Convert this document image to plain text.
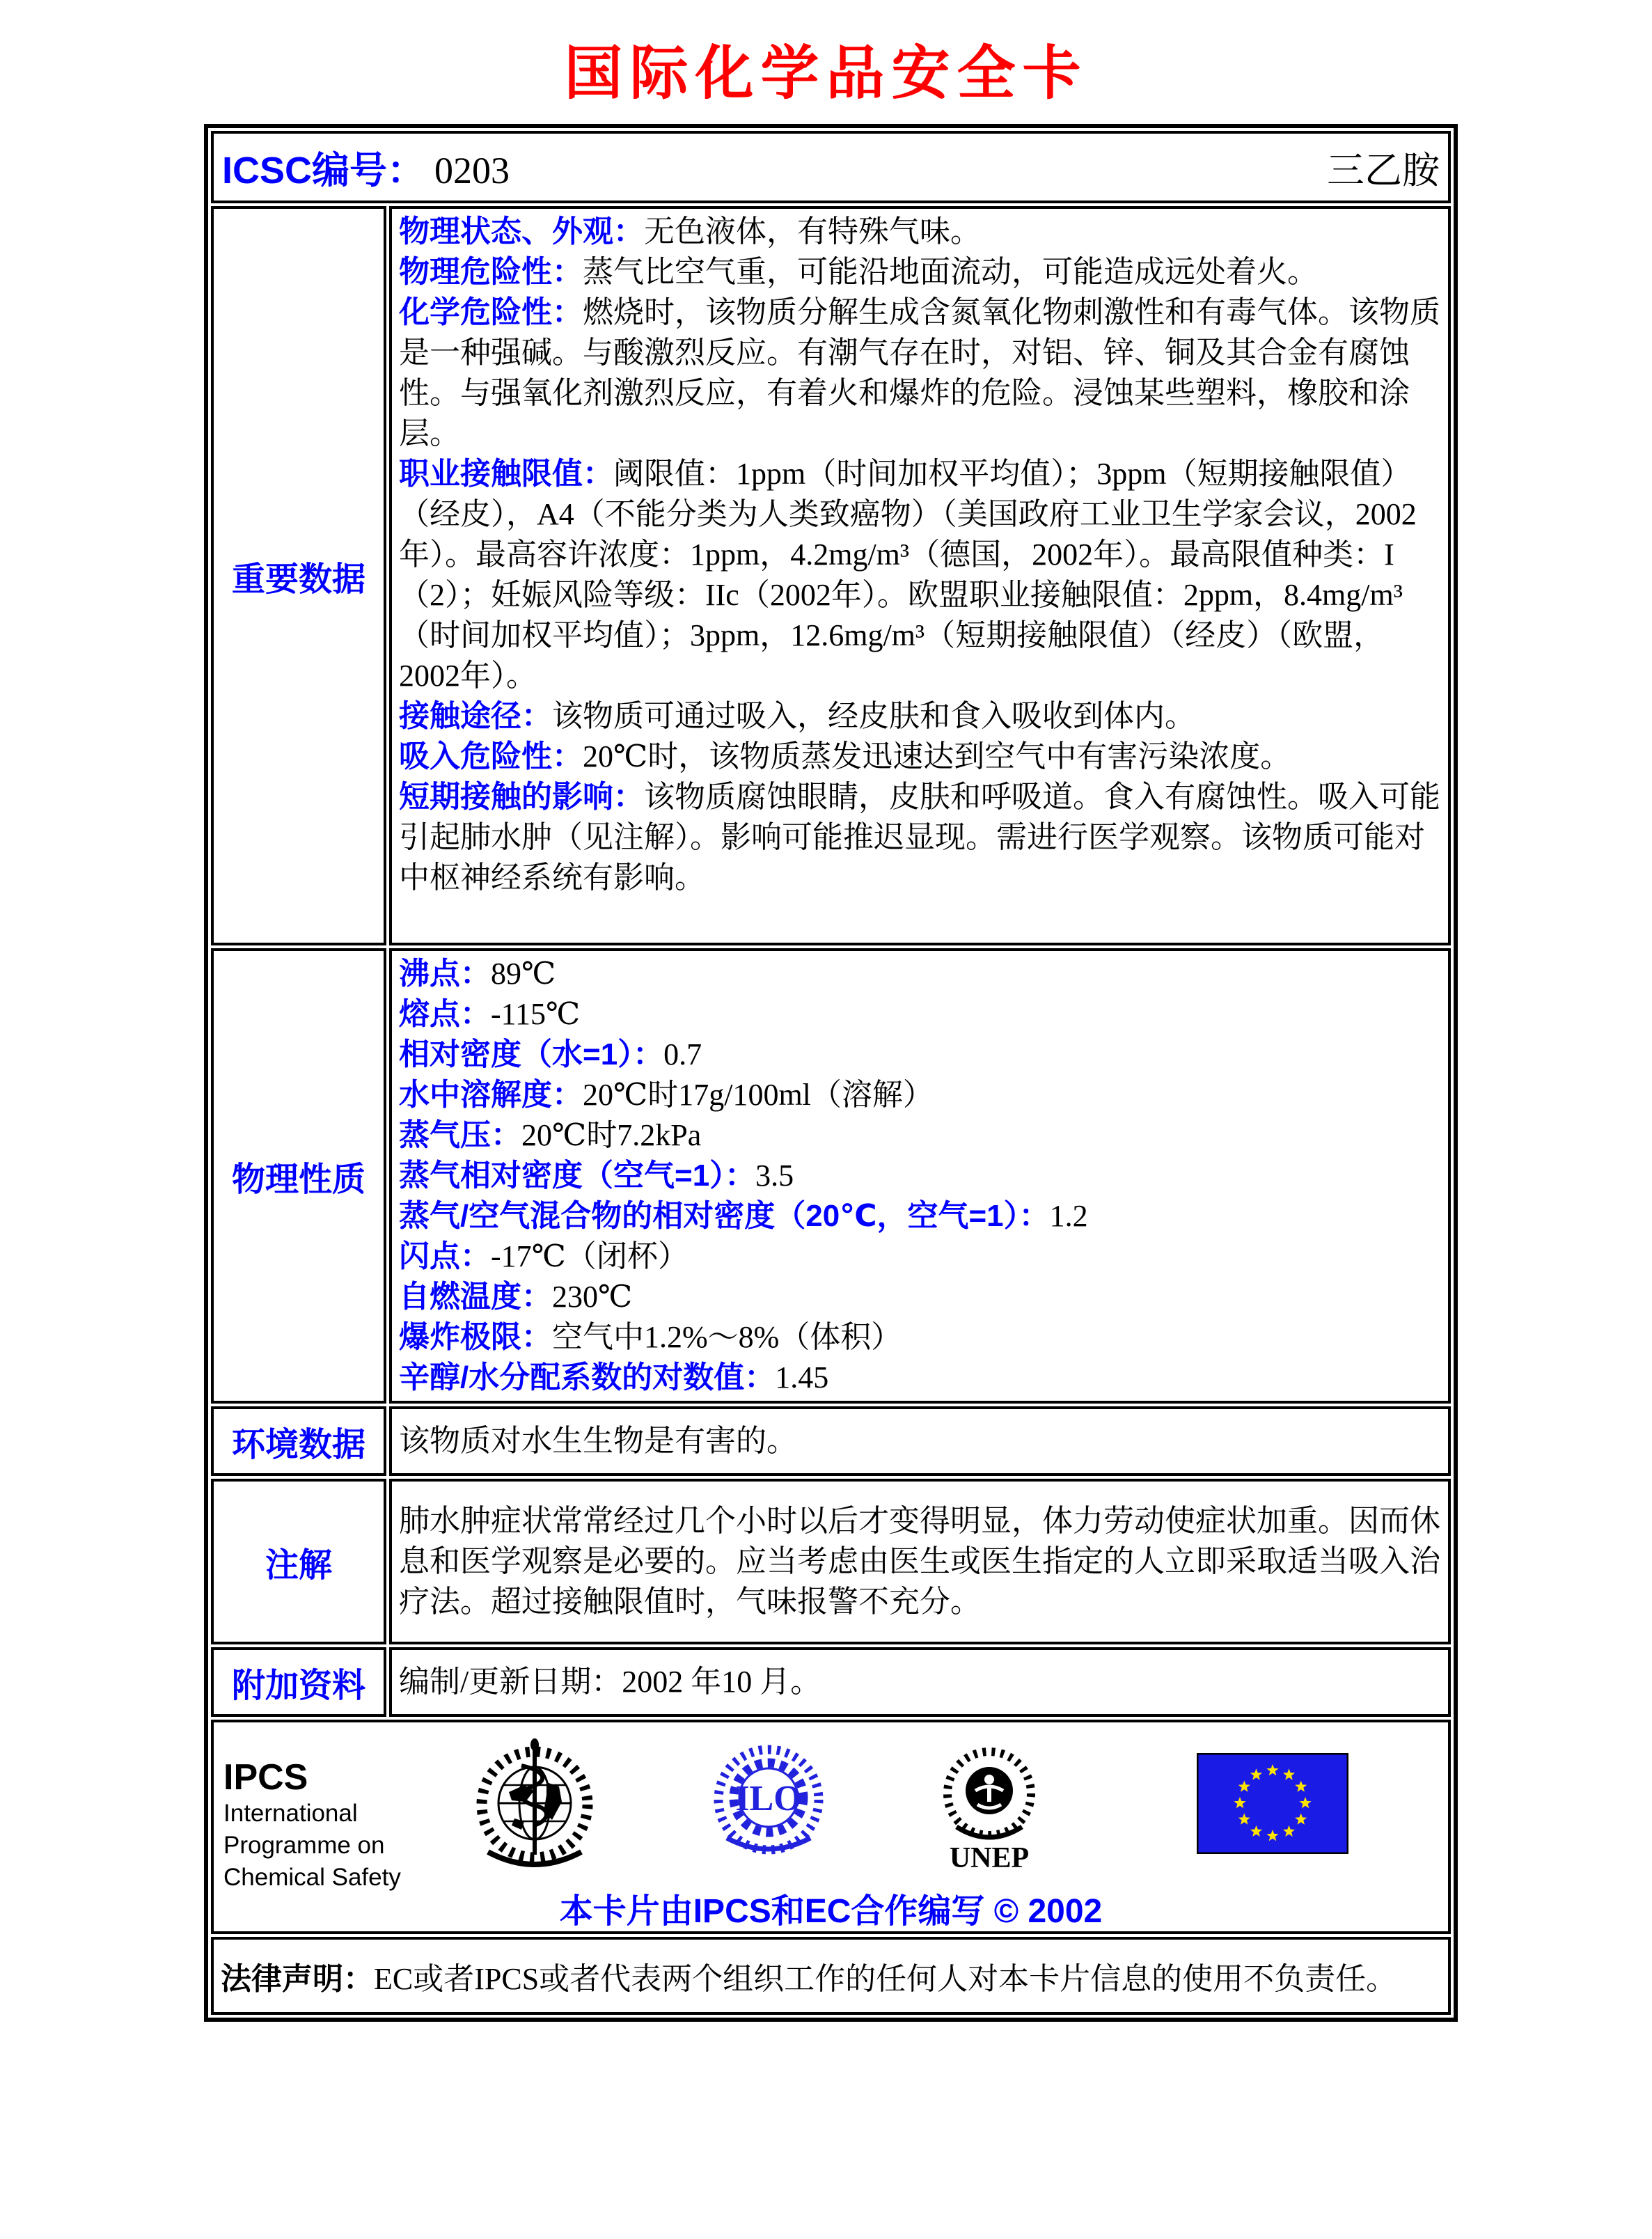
国际化学品安全卡
ICSC编号： 0203 三乙胺	

重要数据	物理状态、外观：无色液体，有特殊气味。
物理危险性：蒸气比空气重，可能沿地面流动，可能造成远处着火。
化学危险性：燃烧时，该物质分解生成含氮氧化物刺激性和有毒气体。该物质是一种强碱。与酸激烈反应。有潮气存在时，对铝、锌、铜及其合金有腐蚀性。与强氧化剂激烈反应，有着火和爆炸的危险。浸蚀某些塑料，橡胶和涂层。
职业接触限值：阈限值：1ppm（时间加权平均值）；3ppm（短期接触限值）（经皮），A4（不能分类为人类致癌物）（美国政府工业卫生学家会议，2002年）。最高容许浓度：1ppm，4.2mg/m³（德国，2002年）。最高限值种类：I（2）；妊娠风险等级：IIc（2002年）。欧盟职业接触限值：2ppm，8.4mg/m³（时间加权平均值）；3ppm，12.6mg/m³（短期接触限值）（经皮）（欧盟，2002年）。
接触途径：该物质可通过吸入，经皮肤和食入吸收到体内。
吸入危险性：20℃时，该物质蒸发迅速达到空气中有害污染浓度。
短期接触的影响：该物质腐蚀眼睛，皮肤和呼吸道。食入有腐蚀性。吸入可能引起肺水肿（见注解）。影响可能推迟显现。需进行医学观察。该物质可能对中枢神经系统有影响。
物理性质	沸点：89℃
熔点：-115℃
相对密度（水=1）：0.7
水中溶解度：20℃时17g/100ml（溶解）
蒸气压：20℃时7.2kPa
蒸气相对密度（空气=1）：3.5
蒸气/空气混合物的相对密度（20℃，空气=1）：1.2
闪点：-17℃（闭杯）
自燃温度：230℃
爆炸极限：空气中1.2%～8%（体积）
辛醇/水分配系数的对数值：1.45
环境数据	该物质对水生生物是有害的。
注解	肺水肿症状常常经过几个小时以后才变得明显，体力劳动使症状加重。因而休息和医学观察是必要的。应当考虑由医生或医生指定的人立即采取适当吸入治疗法。超过接触限值时，气味报警不充分。
附加资料	编制/更新日期：2002 年10 月。

IPCS
International
Programme on
Chemical Safety
ILO
UNEP
本卡片由IPCS和EC合作编写 © 2002

法律声明：EC或者IPCS或者代表两个组织工作的任何人对本卡片信息的使用不负责任。	
